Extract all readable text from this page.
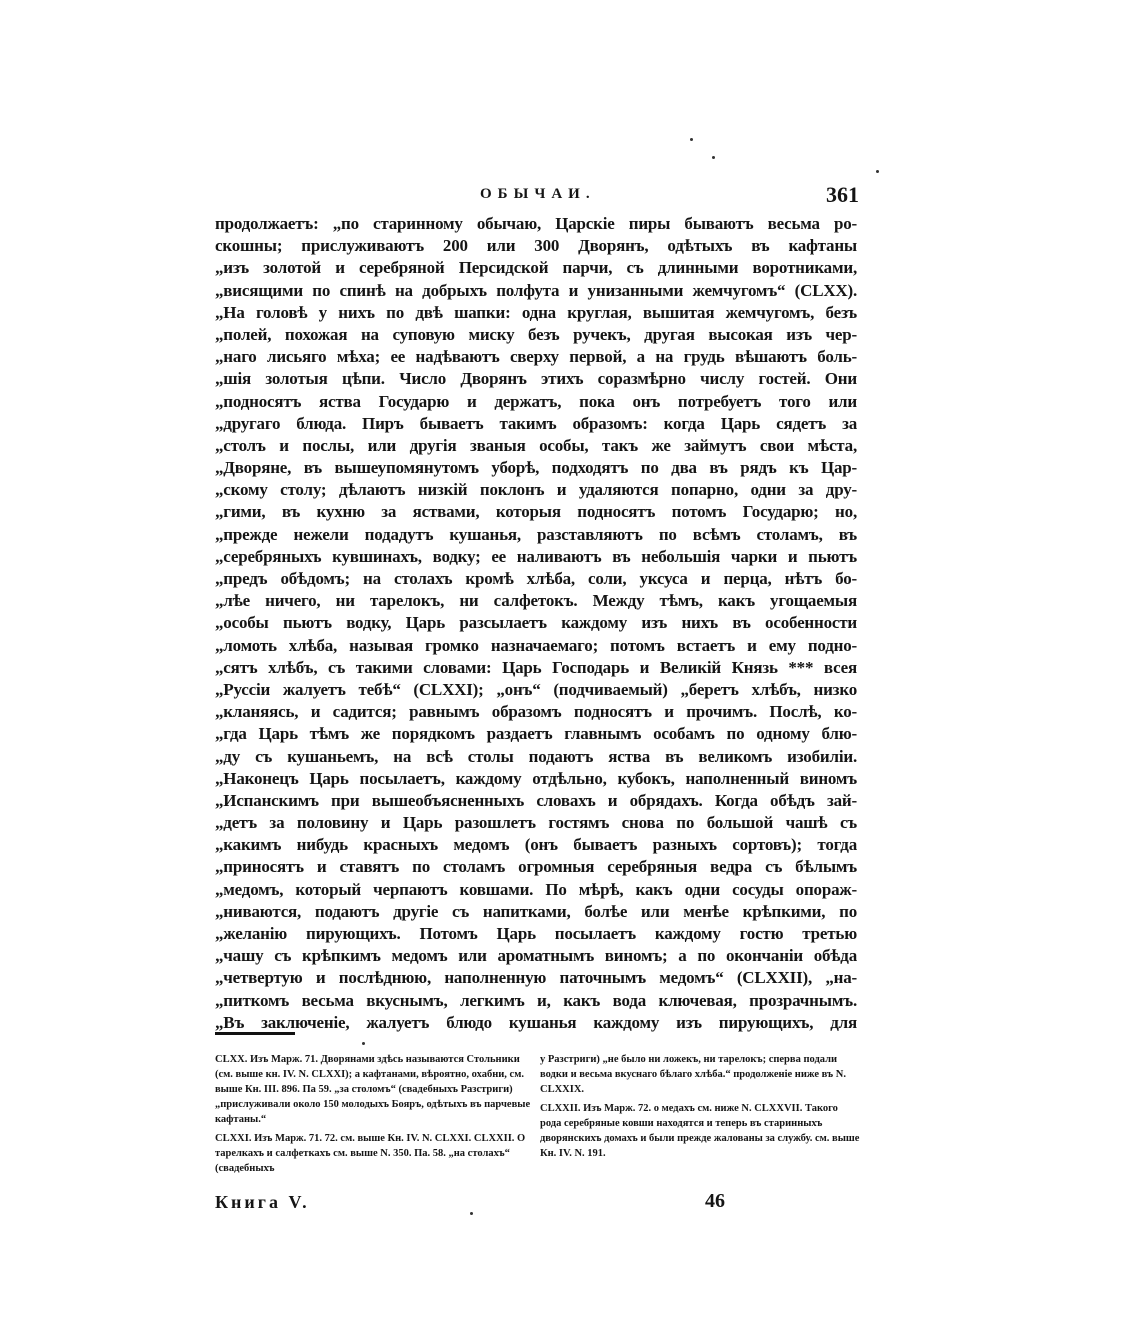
ОБЫЧАИ.	361
продолжаетъ: „по старинному обычаю, Царскіе пиры бываютъ весьма ро-
скошны; прислуживаютъ 200 или 300 Дворянъ, одѣтыхъ въ кафтаны
„изъ золотой и серебряной Персидской парчи, съ длинными воротниками,
„висящими по спинѣ на добрыхъ полфута и унизанными жемчугомъ“ (CLXX).
„На головѣ у нихъ по двѣ шапки: одна круглая, вышитая жемчугомъ, безъ
„полей, похожая на суповую миску безъ ручекъ, другая высокая изъ чер-
„наго лисьяго мѣха; ее надѣваютъ сверху первой, а на грудь вѣшаютъ боль-
„шія золотыя цѣпи. Число Дворянъ этихъ соразмѣрно числу гостей. Они
„подносятъ яства Государю и держатъ, пока онъ потребуетъ того или
„другаго блюда. Пиръ бываетъ такимъ образомъ: когда Царь сядетъ за
„столъ и послы, или другія званыя особы, такъ же займутъ свои мѣста,
„Дворяне, въ вышеупомянутомъ уборѣ, подходятъ по два въ рядъ къ Цар-
„скому столу; дѣлаютъ низкій поклонъ и удаляются попарно, одни за дру-
„гими, въ кухню за яствами, которыя подносятъ потомъ Государю; но,
„прежде нежели подадутъ кушанья, разставляютъ по всѣмъ столамъ, въ
„серебряныхъ кувшинахъ, водку; ее наливаютъ въ небольшія чарки и пьютъ
„предъ обѣдомъ; на столахъ кромѣ хлѣба, соли, уксуса и перца, нѣтъ бо-
„лѣе ничего, ни тарелокъ, ни салфетокъ. Между тѣмъ, какъ угощаемыя
„особы пьютъ водку, Царь разсылаетъ каждому изъ нихъ въ особенности
„ломоть хлѣба, называя громко назначаемаго; потомъ встаетъ и ему подно-
„сятъ хлѣбъ, съ такими словами: Царь Господарь и Великій Князь *** всея
„Руссіи жалуетъ тебѣ“ (CLXXI); „онъ“ (подчиваемый) „беретъ хлѣбъ, низко
„кланяясь, и садится; равнымъ образомъ подносятъ и прочимъ. Послѣ, ко-
„гда Царь тѣмъ же порядкомъ раздаетъ главнымъ особамъ по одному блю-
„ду съ кушаньемъ, на всѣ столы подаютъ яства въ великомъ изобиліи.
„Наконецъ Царь посылаетъ, каждому отдѣльно, кубокъ, наполненный виномъ
„Испанскимъ при вышеобъясненныхъ словахъ и обрядахъ. Когда обѣдъ зай-
„детъ за половину и Царь разошлетъ гостямъ снова по большой чашѣ съ
„какимъ нибудь красныхъ медомъ (онъ бываетъ разныхъ сортовъ); тогда
„приносятъ и ставятъ по столамъ огромныя серебряныя ведра съ бѣлымъ
„медомъ, который черпаютъ ковшами. По мѣрѣ, какъ одни сосуды опораж-
„ниваются, подаютъ другіе съ напитками, болѣе или менѣе крѣпкими, по
„желанію пирующихъ. Потомъ Царь посылаетъ каждому гостю третью
„чашу съ крѣпкимъ медомъ или ароматнымъ виномъ; а по окончаніи обѣда
„четвертую и послѣднюю, наполненную паточнымъ медомъ“ (CLXXII), „на-
„питкомъ весьма вкуснымъ, легкимъ и, какъ вода ключевая, прозрачнымъ.
„Въ заключеніе, жалуетъ блюдо кушанья каждому изъ пирующихъ, для

CLXX. Изъ Марж. 71. Дворянами здѣсь называются Стольники (см. выше кн. IV. N. CLXXI); а кафтанами, вѣроятно, охабни, см. выше Кн. III. 896. Па 59. „за столомъ“ (свадебныхъ Разстриги) „прислуживали около 150 молодыхъ Бояръ, одѣтыхъ въ парчевые кафтаны.“

CLXXI. Изъ Марж. 71. 72. см. выше Кн. IV. N. CLXXI. CLXXII. О тарелкахъ и салфеткахъ см. выше N. 350. Па. 58. „на столахъ“ (свадебныхъ

у Разстриги) „не было ни ложекъ, ни тарелокъ; сперва подали водки и весьма вкуснаго бѣлаго хлѣба.“ продолженіе ниже въ N. CLXXIX.

CLXXII. Изъ Марж. 72. о медахъ см. ниже N. CLXXVII. Такого рода серебряные ковши находятся и теперь въ старинныхъ дворянскихъ домахъ и были прежде жалованы за службу. см. выше Кн. IV. N. 191.

Книга V.	46
